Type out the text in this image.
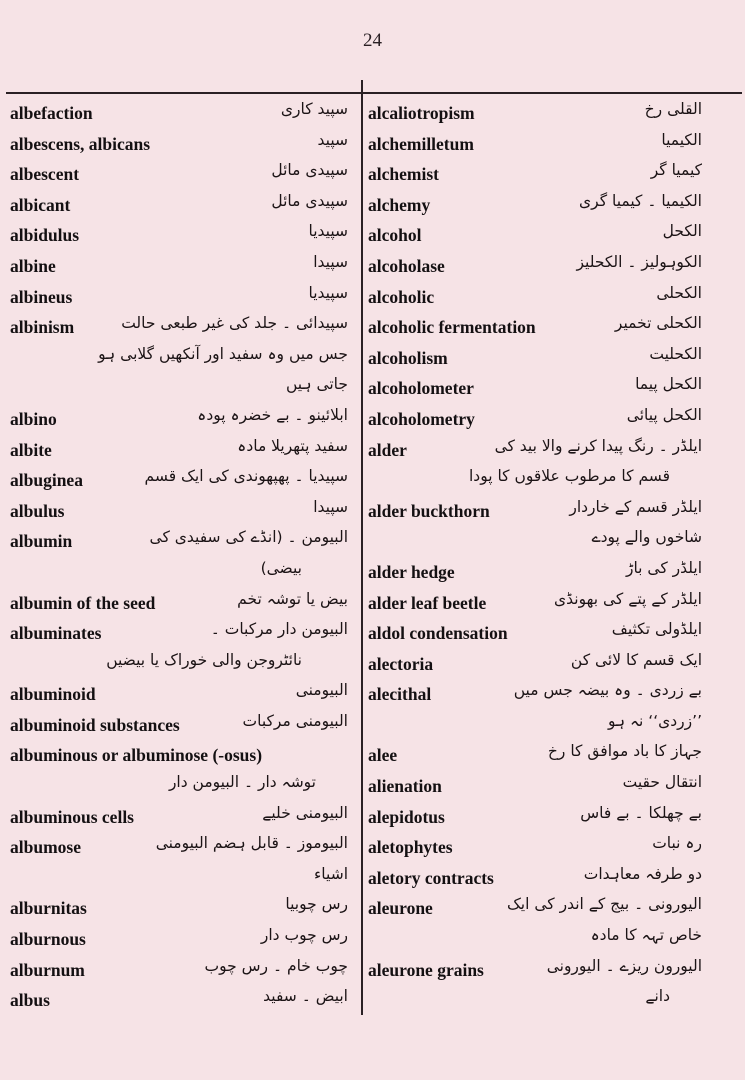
24
albefaction	سپید کاری
albescens, albicans	سپید
albescent	سپیدی مائل
albicant	سپیدی مائل
albidulus	سپیدیا
albine	سپیدا
albineus	سپیدیا
albinism	سپیدائی ۔ جلد کی غیر طبعی حالت
جس میں وہ سفید اور آنکھیں گلابی ہو
جاتی ہیں
albino	ابلائینو ۔ بے خضرہ پودہ
albite	سفید پتھریلا مادہ
albuginea	سپیدیا ۔ پھپھوندی کی ایک قسم
albulus	سپیدا
albumin	البیومن ۔ (انڈے کی سفیدی کی
بیضی)
albumin of the seed	بیض یا توشہ تخم
albuminates	البیومن دار مرکبات ۔
نائٹروجن والی خوراک یا بیضیں
albuminoid	البیومنی
albuminoid substances	البیومنی مرکبات
albuminous or albuminose (-osus)
توشہ دار ۔ البیومن دار
albuminous cells	البیومنی خلیے
albumose	البیوموز ۔ قابل ہضم البیومنی
اشیاء
alburnitas	رس چوبیا
alburnous	رس چوب دار
alburnum	چوب خام ۔ رس چوب
albus	ابیض ۔ سفید
alcaliotropism	القلی رخ
alchemilletum	الکیمیا
alchemist	کیمیا گر
alchemy	الکیمیا ۔ کیمیا گری
alcohol	الکحل
alcoholase	الکوہولیز ۔ الکحلیز
alcoholic	الکحلی
alcoholic fermentation	الکحلی تخمیر
alcoholism	الکحلیت
alcoholometer	الکحل پیما
alcoholometry	الکحل پیائی
alder	ایلڈر ۔ رنگ پیدا کرنے والا بید کی
قسم کا مرطوب علاقوں کا پودا
alder buckthorn	ایلڈر قسم کے خاردار
شاخوں والے پودے
alder hedge	ایلڈر کی باڑ
alder leaf beetle	ایلڈر کے پتے کی بھونڈی
aldol condensation	ایلڈولی تکثیف
alectoria	ایک قسم کا لائی کن
alecithal	بے زردی ۔ وہ بیضہ جس میں
’’زردی‘‘ نہ ہو
alee	جہاز کا باد موافق کا رخ
alienation	انتقال حقیت
alepidotus	بے چھلکا ۔ بے فاس
aletophytes	رہ نبات
aletory contracts	دو طرفہ معاہدات
aleurone	الیورونی ۔ بیج کے اندر کی ایک
خاص تہہ کا مادہ
aleurone grains	الیورون ریزے ۔ الیورونی
دانے
